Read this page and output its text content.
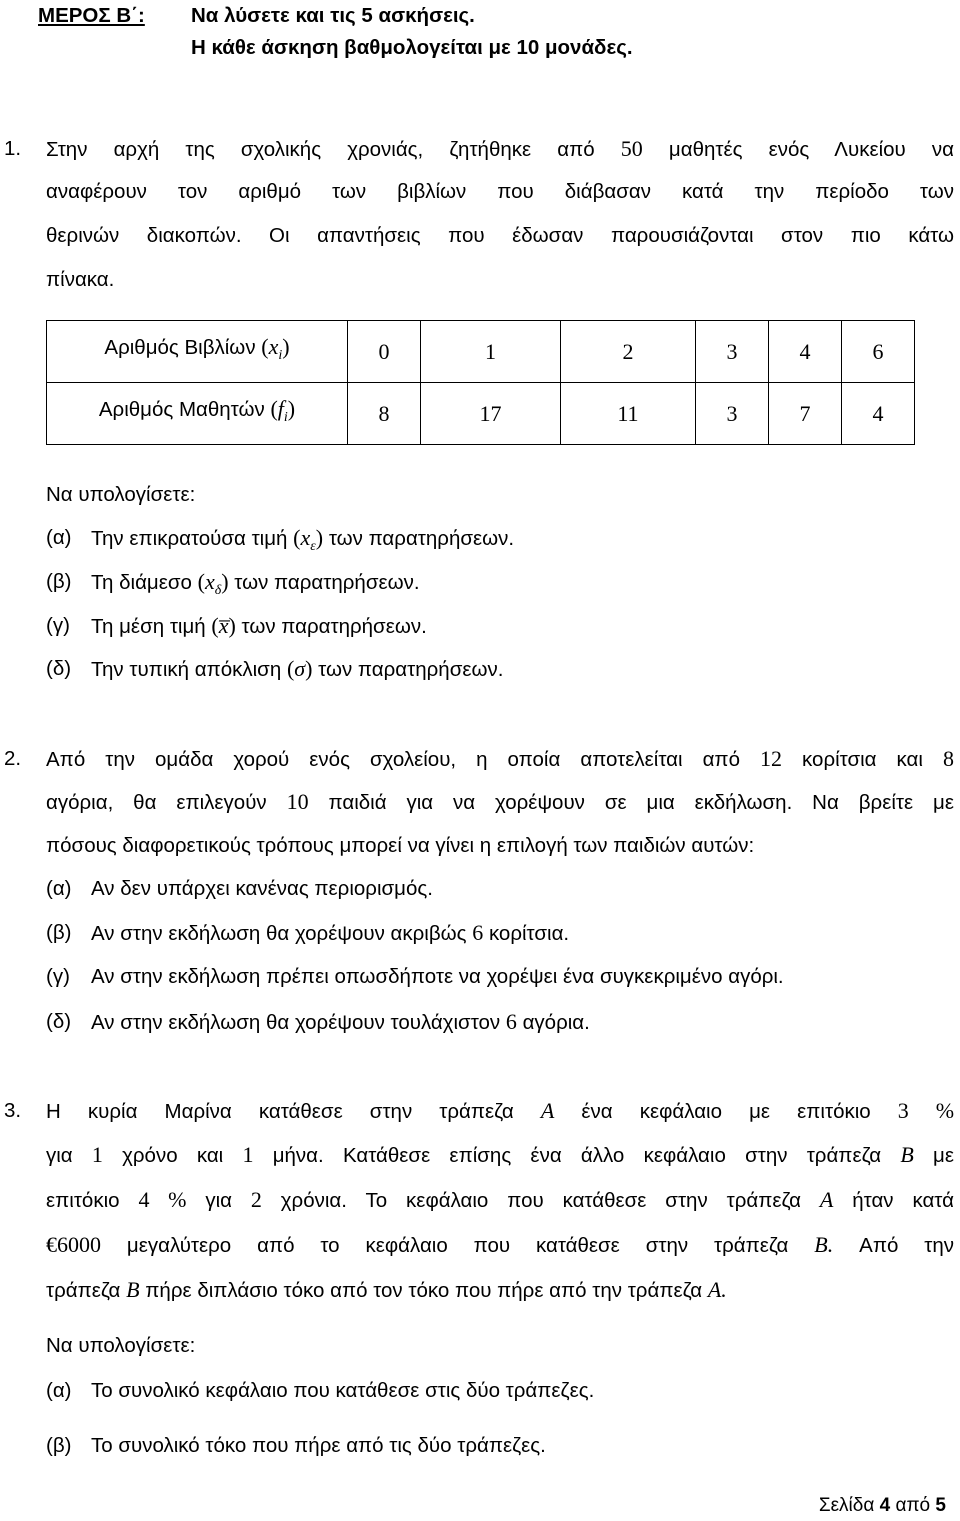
ΜΕΡΟΣ Β΄: Να λύσετε και τις 5 ασκήσεις.
Η κάθε άσκηση βαθμολογείται με 10 μονάδες.
1. Στην αρχή της σχολικής χρονιάς, ζητήθηκε από 50 μαθητές ενός Λυκείου να
αναφέρουν τον αριθμό των βιβλίων που διάβασαν κατά την περίοδο των
θερινών διακοπών. Οι απαντήσεις που έδωσαν παρουσιάζονται στον πιο κάτω
πίνακα.
Αριθμός Βιβλίων $(x_i)$	0	1	2	3	4	6
Αριθμός Μαθητών $(f_i)$	8	17	11	3	7	4
Να υπολογίσετε:
(α) Την επικρατούσα τιμή $(x_\varepsilon)$ των παρατηρήσεων.
(β) Τη διάμεσο $(x_\delta)$ των παρατηρήσεων.
(γ) Τη μέση τιμή (x̅) των παρατηρήσεων.
(δ) Την τυπική απόκλιση (σ) των παρατηρήσεων.
2. Από την ομάδα χορού ενός σχολείου, η οποία αποτελείται από 12 κορίτσια και 8
αγόρια, θα επιλεγούν 10 παιδιά για να χορέψουν σε μια εκδήλωση. Να βρείτε με
πόσους διαφορετικούς τρόπους μπορεί να γίνει η επιλογή των παιδιών αυτών:
(α) Αν δεν υπάρχει κανένας περιορισμός.
(β) Αν στην εκδήλωση θα χορέψουν ακριβώς 6 κορίτσια.
(γ) Αν στην εκδήλωση πρέπει οπωσδήποτε να χορέψει ένα συγκεκριμένο αγόρι.
(δ) Αν στην εκδήλωση θα χορέψουν τουλάχιστον 6 αγόρια.
3. Η κυρία Μαρίνα κατάθεσε στην τράπεζα A ένα κεφάλαιο με επιτόκιο 3 %
για 1 χρόνο και 1 μήνα. Κατάθεσε επίσης ένα άλλο κεφάλαιο στην τράπεζα B με
επιτόκιο 4 % για 2 χρόνια. Το κεφάλαιο που κατάθεσε στην τράπεζα A ήταν κατά
€6000 μεγαλύτερο από το κεφάλαιο που κατάθεσε στην τράπεζα B. Από την
τράπεζα B πήρε διπλάσιο τόκο από τον τόκο που πήρε από την τράπεζα A.
Να υπολογίσετε:
(α) Το συνολικό κεφάλαιο που κατάθεσε στις δύο τράπεζες.
(β) Το συνολικό τόκο που πήρε από τις δύο τράπεζες.
Σελίδα 4 από 5
